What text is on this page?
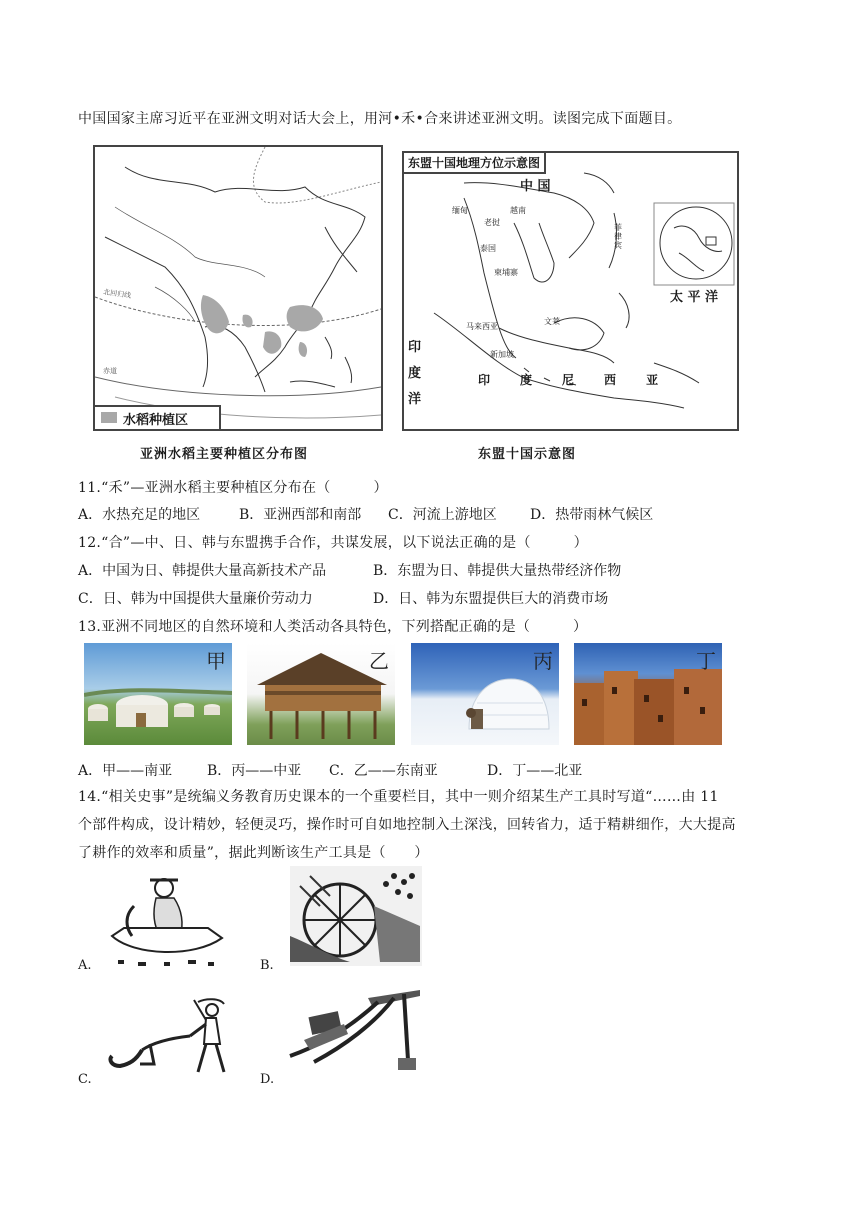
中国国家主席习近平在亚洲文明对话大会上，用河•禾•合来讲述亚洲文明。读图完成下面题目。
北回归线
赤道
水稻种植区
亚洲水稻主要种植区分布图
东盟十国地理方位示意图
中 国
缅甸
老挝
越南
泰国
柬埔寨
菲律宾
太 平 洋
马来西亚
文莱
新加坡
印
度
洋
印	度	尼	西	亚
东盟十国示意图
11.“禾”—亚洲水稻主要种植区分布在（　　　）
A．水热充足的地区	B．亚洲西部和南部 C．河流上游地区 D．热带雨林气候区
12.“合”—中、日、韩与东盟携手合作，共谋发展，以下说法正确的是（　　　）
A．中国为日、韩提供大量高新技术产品	B．东盟为日、韩提供大量热带经济作物
C．日、韩为中国提供大量廉价劳动力	D．日、韩为东盟提供巨大的消费市场
13.亚洲不同地区的自然环境和人类活动各具特色，下列搭配正确的是（　　　）
甲	乙	丙	丁
A．甲——南亚 B．丙——中亚 C．乙——东南亚	D．丁——北亚
14.“相关史事”是统编义务教育历史课本的一个重要栏目，其中一则介绍某生产工具时写道“……由 11
个部件构成，设计精妙，轻便灵巧，操作时可自如地控制入土深浅，回转省力，适于精耕细作，大大提高
了耕作的效率和质量”，据此判断该生产工具是（　　）
A.	B.
C.	D.
